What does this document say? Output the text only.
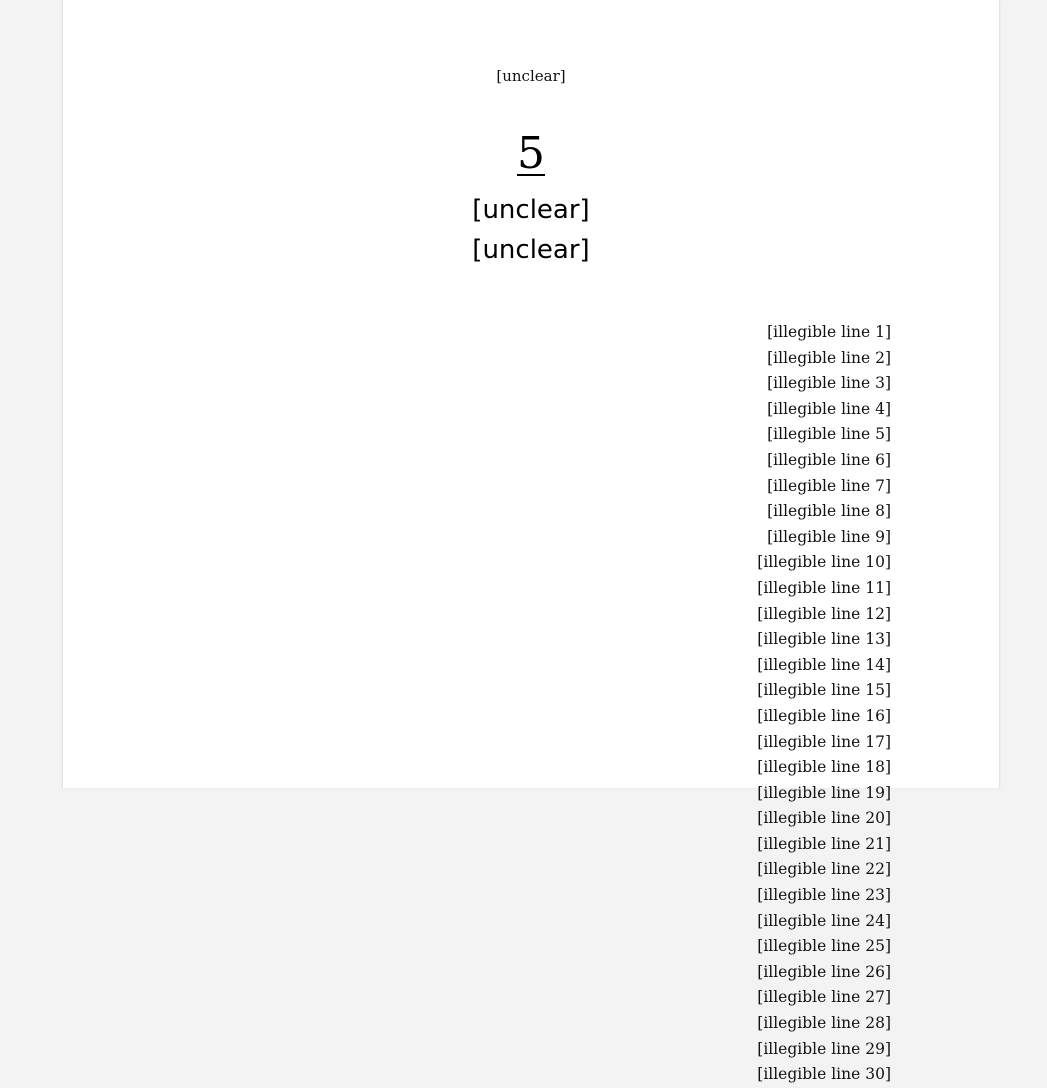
[unclear]
5
[unclear]
[unclear]
[illegible line 1]
[illegible line 2]
[illegible line 3]
[illegible line 4]
[illegible line 5]
[illegible line 6]
[illegible line 7]
[illegible line 8]
[illegible line 9]
[illegible line 10]
[illegible line 11]
[illegible line 12]
[illegible line 13]
[illegible line 14]
[illegible line 15]
[illegible line 16]
[illegible line 17]
[illegible line 18]
[illegible line 19]
[illegible line 20]
[illegible line 21]
[illegible line 22]
[illegible line 23]
[illegible line 24]
[illegible line 25]
[illegible line 26]
[illegible line 27]
[illegible line 28]
[illegible line 29]
[illegible line 30]
